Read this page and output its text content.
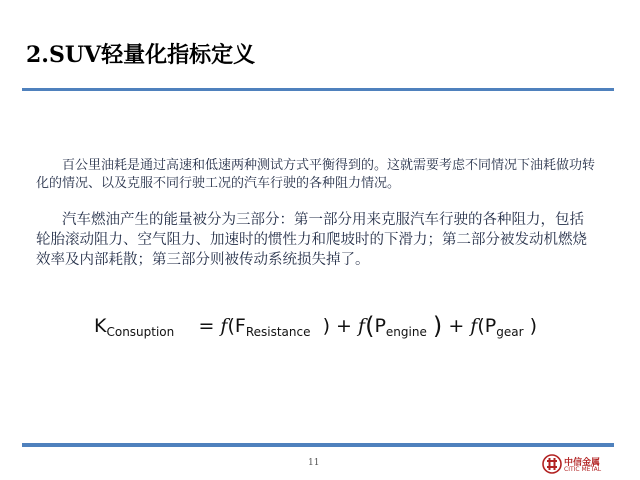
2.SUV轻量化指标定义
百公里油耗是通过高速和低速两种测试方式平衡得到的。这就需要考虑不同情况下油耗做功转化的情况、以及克服不同行驶工况的汽车行驶的各种阻力情况。
汽车燃油产生的能量被分为三部分：第一部分用来克服汽车行驶的各种阻力，包括轮胎滚动阻力、空气阻力、加速时的惯性力和爬坡时的下滑力；第二部分被发动机燃烧效率及内部耗散；第三部分则被传动系统损失掉了。
$K_{Consuption} = f(F_{Resistance}$ ) + $f(P_{engine}$ ) + $f(P_{gear}$ )
11	中信金属
CITIC METAL
